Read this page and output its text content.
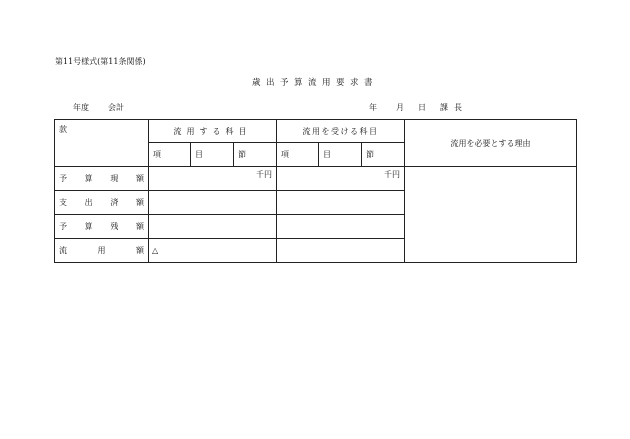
第11号様式(第11条関係)
歳出予算流用要求書
年度 会計	年 月 日 課長
款	流用する科目			流用を受ける科目			流用を必要とする理由
	項	目	節	項	目	節	

予 算 現 額	千円			千円			

支 出 済 額							

予 算 残 額							

流 用 額	△						
